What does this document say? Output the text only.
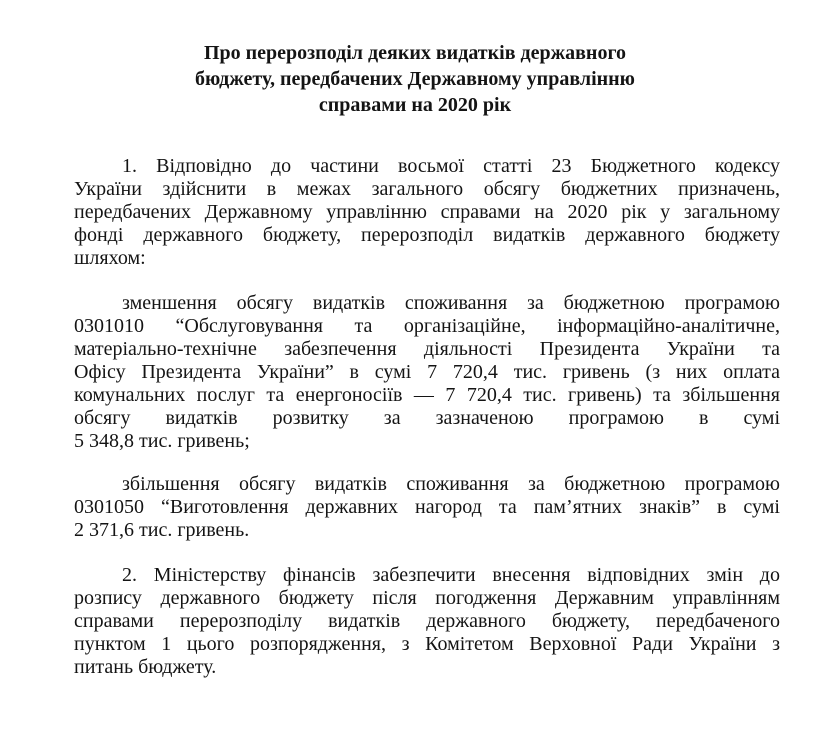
Про перерозподіл деяких видатків державного
бюджету, передбачених Державному управлінню
справами на 2020 рік
1. Відповідно до частини восьмої статті 23 Бюджетного кодексу
України здійснити в межах загального обсягу бюджетних призначень,
передбачених Державному управлінню справами на 2020 рік у загальному
фонді державного бюджету, перерозподіл видатків державного бюджету
шляхом:
зменшення обсягу видатків споживання за бюджетною програмою
0301010 “Обслуговування та організаційне, інформаційно-аналітичне,
матеріально-технічне забезпечення діяльності Президента України та
Офісу Президента України” в сумі 7 720,4 тис. гривень (з них оплата
комунальних послуг та енергоносіїв — 7 720,4 тис. гривень) та збільшення
обсягу видатків розвитку за зазначеною програмою в сумі
5 348,8 тис. гривень;
збільшення обсягу видатків споживання за бюджетною програмою
0301050 “Виготовлення державних нагород та пам’ятних знаків” в сумі
2 371,6 тис. гривень.
2. Міністерству фінансів забезпечити внесення відповідних змін до
розпису державного бюджету після погодження Державним управлінням
справами перерозподілу видатків державного бюджету, передбаченого
пунктом 1 цього розпорядження, з Комітетом Верховної Ради України з
питань бюджету.
